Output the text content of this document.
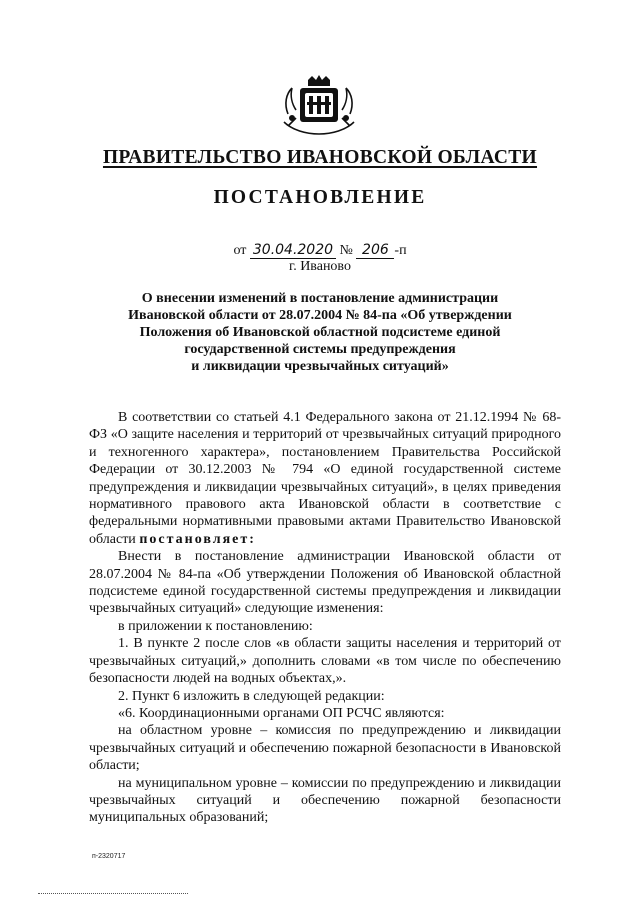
ПРАВИТЕЛЬСТВО ИВАНОВСКОЙ ОБЛАСТИ
ПОСТАНОВЛЕНИЕ
от 30.04.2020 № 206 -п
г. Иваново
О внесении изменений в постановление администрации
Ивановской области от 28.07.2004 № 84-па «Об утверждении
Положения об Ивановской областной подсистеме единой
государственной системы предупреждения
и ликвидации чрезвычайных ситуаций»

В соответствии со статьей 4.1 Федерального закона от 21.12.1994 № 68-ФЗ «О защите населения и территорий от чрезвычайных ситуаций природного и техногенного характера», постановлением Правительства Российской Федерации от 30.12.2003 № 794 «О единой государственной системе предупреждения и ликвидации чрезвычайных ситуаций», в целях приведения нормативного правового акта Ивановской области в соответствие с федеральными нормативными правовыми актами Правительство Ивановской области постановляет:

Внести в постановление администрации Ивановской области от 28.07.2004 № 84-па «Об утверждении Положения об Ивановской областной подсистеме единой государственной системы предупреждения и ликвидации чрезвычайных ситуаций» следующие изменения:

в приложении к постановлению:

1. В пункте 2 после слов «в области защиты населения и территорий от чрезвычайных ситуаций,» дополнить словами «в том числе по обеспечению безопасности людей на водных объектах,».

2. Пункт 6 изложить в следующей редакции:

«6. Координационными органами ОП РСЧС являются:

на областном уровне – комиссия по предупреждению и ликвидации чрезвычайных ситуаций и обеспечению пожарной безопасности в Ивановской области;

на муниципальном уровне – комиссии по предупреждению и ликвидации чрезвычайных ситуаций и обеспечению пожарной безопасности муниципальных образований;

п-2320717
